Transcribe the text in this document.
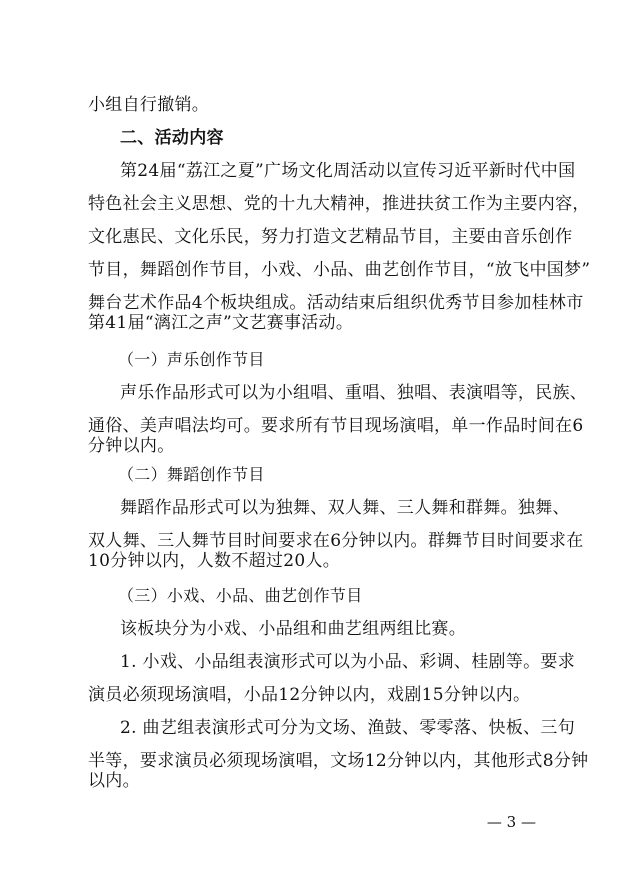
小组自行撤销。
二、活动内容
第24届“荔江之夏”广场文化周活动以宣传习近平新时代中国
特色社会主义思想、党的十九大精神，推进扶贫工作为主要内容，
文化惠民、文化乐民，努力打造文艺精品节目，主要由音乐创作
节目，舞蹈创作节目，小戏、小品、曲艺创作节目，“放飞中国梦”
舞台艺术作品4个板块组成。活动结束后组织优秀节目参加桂林市
第41届“漓江之声”文艺赛事活动。
（一）声乐创作节目
声乐作品形式可以为小组唱、重唱、独唱、表演唱等，民族、
通俗、美声唱法均可。要求所有节目现场演唱，单一作品时间在6
分钟以内。
（二）舞蹈创作节目
舞蹈作品形式可以为独舞、双人舞、三人舞和群舞。独舞、
双人舞、三人舞节目时间要求在6分钟以内。群舞节目时间要求在
10分钟以内，人数不超过20人。
（三）小戏、小品、曲艺创作节目
该板块分为小戏、小品组和曲艺组两组比赛。
1. 小戏、小品组表演形式可以为小品、彩调、桂剧等。要求
演员必须现场演唱，小品12分钟以内，戏剧15分钟以内。
2. 曲艺组表演形式可分为文场、渔鼓、零零落、快板、三句
半等，要求演员必须现场演唱，文场12分钟以内，其他形式8分钟
以内。
— 3 —
